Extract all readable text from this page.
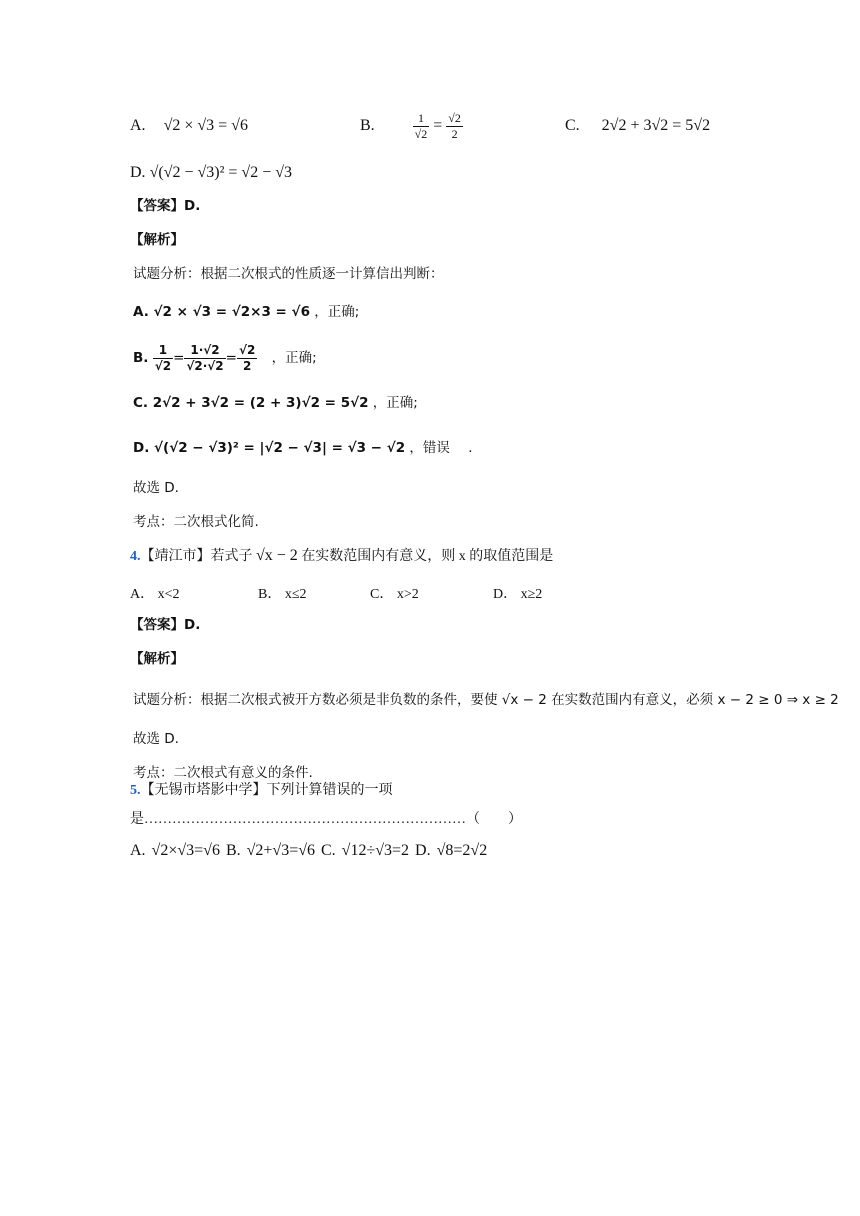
A. √2 × √3 = √6	B.	$\frac{1}{√2} = \frac{√2}{2}$	C. 2√2 + 3√2 = 5√2
D. √(√2 − √3)² = √2 − √3
【答案】D.
【解析】
试题分析：根据二次根式的性质逐一计算信出判断：
A. √2 × √3 = √2×3 = √6 ，正确;
B. $\frac{1}{√2} = \frac{1\cdot√2}{√2\cdot√2} = \frac{√2}{2}$ ，正确;
C. 2√2 + 3√2 = (2 + 3)√2 = 5√2 ，正确;
D. √(√2 − √3)² = |√2 − √3| = √3 − √2 ，错误 .
故选 D.
考点：二次根式化简.
4.【靖江市】若式子 √x − 2 在实数范围内有意义，则 x 的取值范围是
A． x<2	B． x≤2	C． x>2	D． x≥2
【答案】D.
【解析】
试题分析：根据二次根式被开方数必须是非负数的条件，要使 √x − 2 在实数范围内有意义，必须 x − 2 ≥ 0 ⇒ x ≥ 2
故选 D.
考点：二次根式有意义的条件.
5.【无锡市塔影中学】下列计算错误的一项
是……………………………………………………………（　　）
A. √2×√3=√6 B. √2+√3=√6 C. √12÷√3=2 D. √8=2√2
